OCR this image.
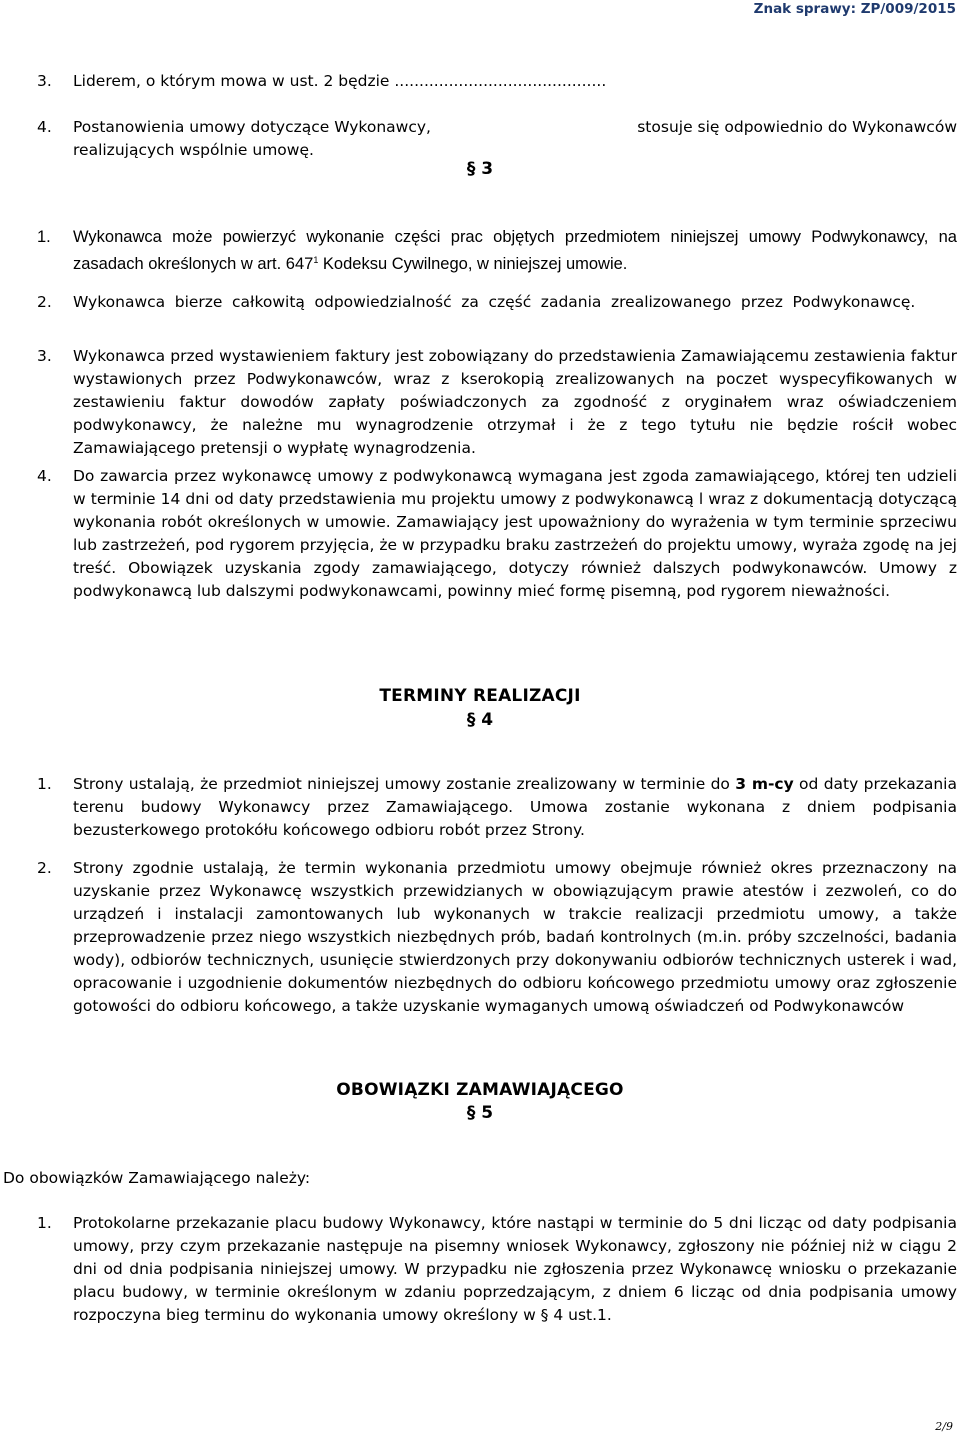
Znak sprawy: ZP/009/2015
3. Liderem, o którym mowa w ust. 2 będzie ...........................................
4. Postanowienia umowy dotyczące Wykonawcy,	stosuje się odpowiednio do Wykonawców
realizujących wspólnie umowę.
§ 3
1. Wykonawca może powierzyć wykonanie części prac objętych przedmiotem niniejszej umowy Podwykonawcy, na zasadach określonych w art. $647^1$ Kodeksu Cywilnego, w niniejszej umowie.
2. Wykonawca bierze całkowitą odpowiedzialność za część zadania zrealizowanego przez Podwykonawcę.
3. Wykonawca przed wystawieniem faktury jest zobowiązany do przedstawienia Zamawiającemu zestawienia faktur wystawionych przez Podwykonawców, wraz z kserokopią zrealizowanych na poczet wyspecyfikowanych w zestawieniu faktur dowodów zapłaty poświadczonych za zgodność z oryginałem wraz oświadczeniem podwykonawcy, że należne mu wynagrodzenie otrzymał i że z tego tytułu nie będzie rościł wobec Zamawiającego pretensji o wypłatę wynagrodzenia.
4. Do zawarcia przez wykonawcę umowy z podwykonawcą wymagana jest zgoda zamawiającego, której ten udzieli w terminie 14 dni od daty przedstawienia mu projektu umowy z podwykonawcą l wraz z dokumentacją dotyczącą wykonania robót określonych w umowie. Zamawiający jest upoważniony do wyrażenia w tym terminie sprzeciwu lub zastrzeżeń, pod rygorem przyjęcia, że w przypadku braku zastrzeżeń do projektu umowy, wyraża zgodę na jej treść. Obowiązek uzyskania zgody zamawiającego, dotyczy również dalszych podwykonawców. Umowy z podwykonawcą lub dalszymi podwykonawcami, powinny mieć formę pisemną, pod rygorem nieważności.
TERMINY REALIZACJI
§ 4
1. Strony ustalają, że przedmiot niniejszej umowy zostanie zrealizowany w terminie do 3 m-cy od daty przekazania terenu budowy Wykonawcy przez Zamawiającego. Umowa zostanie wykonana z dniem podpisania bezusterkowego protokółu końcowego odbioru robót przez Strony.
2. Strony zgodnie ustalają, że termin wykonania przedmiotu umowy obejmuje również okres przeznaczony na uzyskanie przez Wykonawcę wszystkich przewidzianych w obowiązującym prawie atestów i zezwoleń, co do urządzeń i instalacji zamontowanych lub wykonanych w trakcie realizacji przedmiotu umowy, a także przeprowadzenie przez niego wszystkich niezbędnych prób, badań kontrolnych (m.in. próby szczelności, badania wody), odbiorów technicznych, usunięcie stwierdzonych przy dokonywaniu odbiorów technicznych usterek i wad, opracowanie i uzgodnienie dokumentów niezbędnych do odbioru końcowego przedmiotu umowy oraz zgłoszenie gotowości do odbioru końcowego, a także uzyskanie wymaganych umową oświadczeń od Podwykonawców
OBOWIĄZKI ZAMAWIAJĄCEGO
§ 5
Do obowiązków Zamawiającego należy:
1. Protokolarne przekazanie placu budowy Wykonawcy, które nastąpi w terminie do 5 dni licząc od daty podpisania umowy, przy czym przekazanie następuje na pisemny wniosek Wykonawcy, zgłoszony nie później niż w ciągu 2 dni od dnia podpisania niniejszej umowy. W przypadku nie zgłoszenia przez Wykonawcę wniosku o przekazanie placu budowy, w terminie określonym w zdaniu poprzedzającym, z dniem 6 licząc od dnia podpisania umowy rozpoczyna bieg terminu do wykonania umowy określony w § 4 ust.1.
2/9
